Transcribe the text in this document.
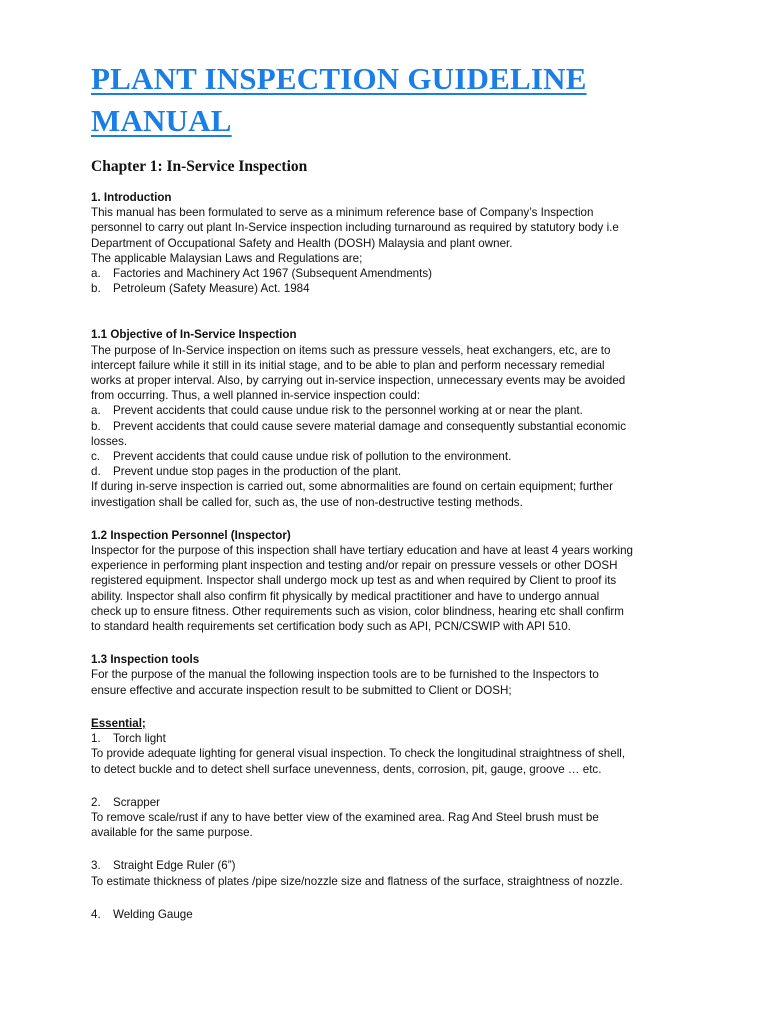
PLANT INSPECTION GUIDELINE
MANUAL
Chapter 1: In-Service Inspection
1. Introduction
This manual has been formulated to serve as a minimum reference base of Company’s Inspection
personnel to carry out plant In-Service inspection including turnaround as required by statutory body i.e
Department of Occupational Safety and Health (DOSH) Malaysia and plant owner.
The applicable Malaysian Laws and Regulations are;
a. Factories and Machinery Act 1967 (Subsequent Amendments)
b. Petroleum (Safety Measure) Act. 1984
1.1 Objective of In-Service Inspection
The purpose of In-Service inspection on items such as pressure vessels, heat exchangers, etc, are to
intercept failure while it still in its initial stage, and to be able to plan and perform necessary remedial
works at proper interval. Also, by carrying out in-service inspection, unnecessary events may be avoided
from occurring. Thus, a well planned in-service inspection could:
a. Prevent accidents that could cause undue risk to the personnel working at or near the plant.
b. Prevent accidents that could cause severe material damage and consequently substantial economic
losses.
c. Prevent accidents that could cause undue risk of pollution to the environment.
d. Prevent undue stop pages in the production of the plant.
If during in-serve inspection is carried out, some abnormalities are found on certain equipment; further
investigation shall be called for, such as, the use of non-destructive testing methods.
1.2 Inspection Personnel (Inspector)
Inspector for the purpose of this inspection shall have tertiary education and have at least 4 years working
experience in performing plant inspection and testing and/or repair on pressure vessels or other DOSH
registered equipment. Inspector shall undergo mock up test as and when required by Client to proof its
ability. Inspector shall also confirm fit physically by medical practitioner and have to undergo annual
check up to ensure fitness. Other requirements such as vision, color blindness, hearing etc shall confirm
to standard health requirements set certification body such as API, PCN/CSWIP with API 510.
1.3 Inspection tools
For the purpose of the manual the following inspection tools are to be furnished to the Inspectors to
ensure effective and accurate inspection result to be submitted to Client or DOSH;
Essential;
1. Torch light
To provide adequate lighting for general visual inspection. To check the longitudinal straightness of shell,
to detect buckle and to detect shell surface unevenness, dents, corrosion, pit, gauge, groove … etc.
2. Scrapper
To remove scale/rust if any to have better view of the examined area. Rag And Steel brush must be
available for the same purpose.
3. Straight Edge Ruler (6”)
To estimate thickness of plates /pipe size/nozzle size and flatness of the surface, straightness of nozzle.
4. Welding Gauge
